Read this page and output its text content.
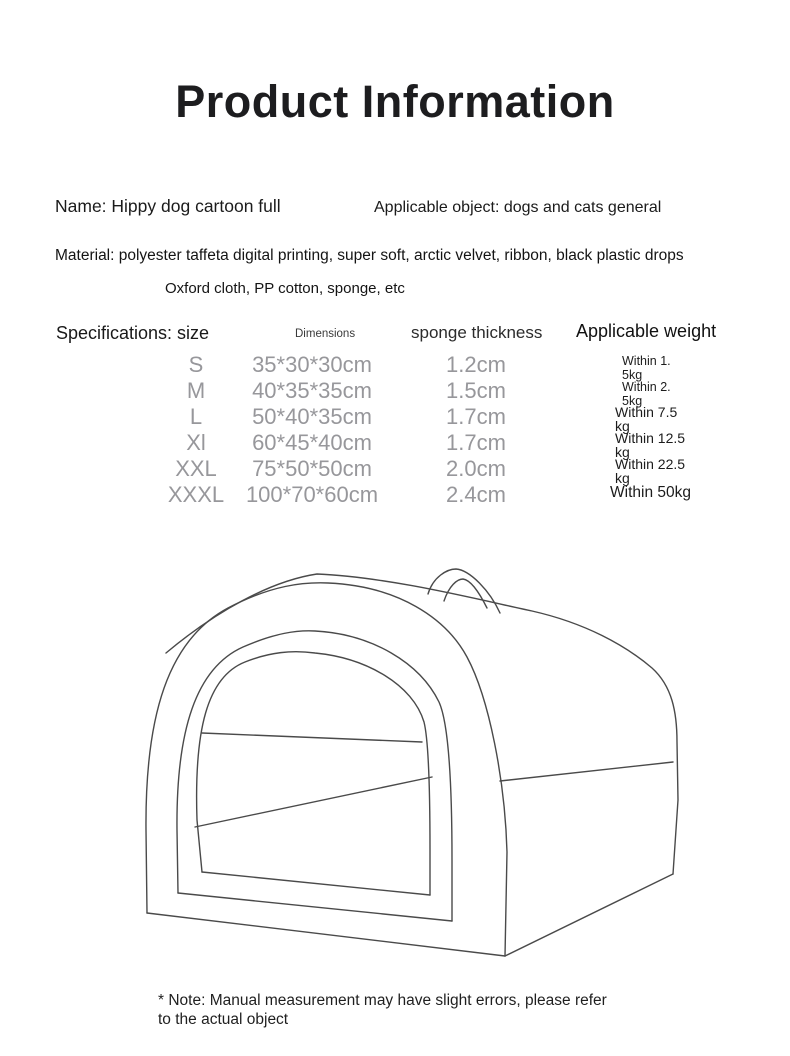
Product Information
Name: Hippy dog cartoon full	Applicable object: dogs and cats general
Material: polyester taffeta digital printing, super soft, arctic velvet, ribbon, black plastic drops
Oxford cloth, PP cotton, sponge, etc
Specifications: size	Dimensions	sponge thickness Applicable weight
S	35*30*30cm	1.2cm	Within 1.
5kg
M	40*35*35cm	1.5cm	Within 2.
5kg
L	50*40*35cm	1.7cm	Within 7.5
kg
Xl	60*45*40cm	1.7cm	Within 12.5
kg
XXL	75*50*50cm	2.0cm	Within 22.5
kg
XXXL 100*70*60cm	2.4cm	Within 50kg
* Note: Manual measurement may have slight errors, please refer
to the actual object
